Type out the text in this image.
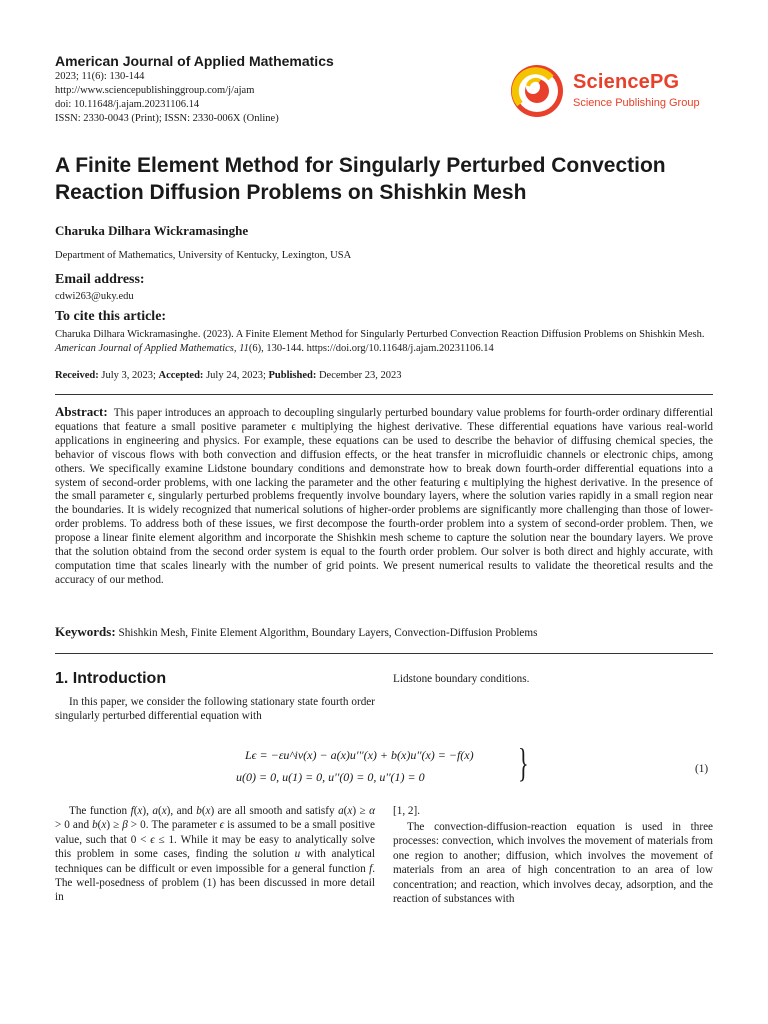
American Journal of Applied Mathematics
2023; 11(6): 130-144
http://www.sciencepublishinggroup.com/j/ajam
doi: 10.11648/j.ajam.20231106.14
ISSN: 2330-0043 (Print); ISSN: 2330-006X (Online)
SciencePG
Science Publishing Group
A Finite Element Method for Singularly Perturbed Convection Reaction Diffusion Problems on Shishkin Mesh
Charuka Dilhara Wickramasinghe
Department of Mathematics, University of Kentucky, Lexington, USA
Email address:
cdwi263@uky.edu
To cite this article:
Charuka Dilhara Wickramasinghe. (2023). A Finite Element Method for Singularly Perturbed Convection Reaction Diffusion Problems on Shishkin Mesh. American Journal of Applied Mathematics, 11(6), 130-144. https://doi.org/10.11648/j.ajam.20231106.14
Received: July 3, 2023; Accepted: July 24, 2023; Published: December 23, 2023
Abstract: This paper introduces an approach to decoupling singularly perturbed boundary value problems for fourth-order ordinary differential equations that feature a small positive parameter ϵ multiplying the highest derivative. These differential equations have various real-world applications in engineering and physics. For example, these equations can be used to describe the behavior of diffusing chemical species, the behavior of viscous flows with both convection and diffusion effects, or the heat transfer in microfluidic channels or electronic chips, among others. We specifically examine Lidstone boundary conditions and demonstrate how to break down fourth-order differential equations into a system of second-order problems, with one lacking the parameter and the other featuring ϵ multiplying the highest derivative. In the presence of the small parameter ϵ, singularly perturbed problems frequently involve boundary layers, where the solution varies rapidly in a small region near the boundaries. It is widely recognized that numerical solutions of higher-order problems are significantly more challenging than those of lower-order problems. To address both of these issues, we first decompose the fourth-order problem into a system of second-order problem. Then, we propose a linear finite element algorithm and incorporate the Shishkin mesh scheme to capture the solution near the boundary layers. We prove that the solution obtaind from the second order system is equal to the fourth order problem. Our solver is both direct and highly accurate, with computation time that scales linearly with the number of grid points. We present numerical results to validate the theoretical results and the accuracy of our method.
Keywords: Shishkin Mesh, Finite Element Algorithm, Boundary Layers, Convection-Diffusion Problems
1. Introduction
In this paper, we consider the following stationary state fourth order singularly perturbed differential equation with
Lidstone boundary conditions.
Lϵ = −εu^iv(x) − a(x)u'''(x) + b(x)u''(x) = −f(x)
u(0) = 0, u(1) = 0, u''(0) = 0, u''(1) = 0 }	(1)
The function f(x), a(x), and b(x) are all smooth and satisfy a(x) ≥ α > 0 and b(x) ≥ β > 0. The parameter ϵ is assumed to be a small positive value, such that 0 < ϵ ≤ 1. While it may be easy to analytically solve this problem in some cases, finding the solution u with analytical techniques can be difficult or even impossible for a general function f. The well-posedness of problem (1) has been discussed in more detail in
[1, 2].
The convection-diffusion-reaction equation is used in three processes: convection, which involves the movement of materials from one region to another; diffusion, which involves the movement of materials from an area of high concentration to an area of low concentration; and reaction, which involves decay, adsorption, and the reaction of substances with
